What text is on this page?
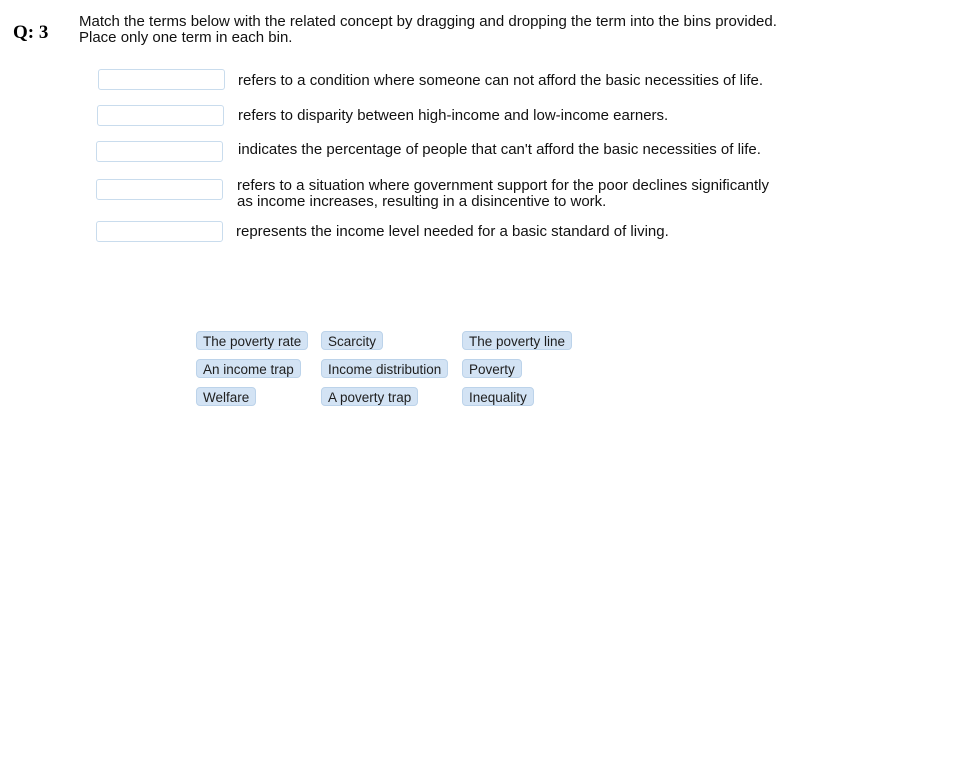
Q: 3
Match the terms below with the related concept by dragging and dropping the term into the bins provided.
Place only one term in each bin.
refers to a condition where someone can not afford the basic necessities of life.
refers to disparity between high-income and low-income earners.
indicates the percentage of people that can't afford the basic necessities of life.
refers to a situation where government support for the poor declines significantly
as income increases, resulting in a disincentive to work.
represents the income level needed for a basic standard of living.
The poverty rate	Scarcity	The poverty line
An income trap	Income distribution	Poverty
Welfare	A poverty trap	Inequality
